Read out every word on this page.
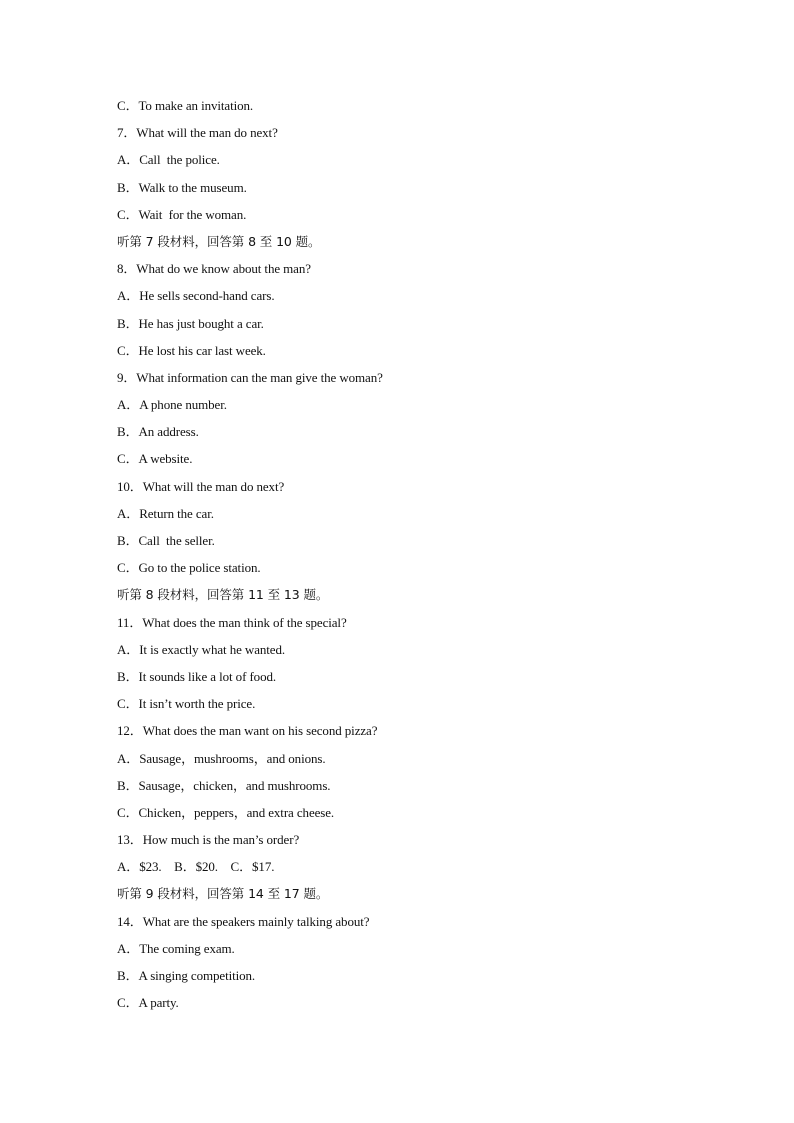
C．To make an invitation.
7．What will the man do next?
A．Call  the police.
B．Walk to the museum.
C．Wait  for the woman.
听第 7 段材料，回答第 8 至 10 题。
8．What do we know about the man?
A．He sells second-hand cars.
B．He has just bought a car.
C．He lost his car last week.
9．What information can the man give the woman?
A．A phone number.
B．An address.
C．A website.
10．What will the man do next?
A．Return the car.
B．Call  the seller.
C．Go to the police station.
听第 8 段材料，回答第 11 至 13 题。
11．What does the man think of the special?
A．It is exactly what he wanted.
B．It sounds like a lot of food.
C．It isn’t worth the price.
12．What does the man want on his second pizza?
A．Sausage，mushrooms，and onions.
B．Sausage，chicken，and mushrooms.
C．Chicken，peppers，and extra cheese.
13．How much is the man’s order?
A．$23.    B．$20.    C．$17.
听第 9 段材料，回答第 14 至 17 题。
14．What are the speakers mainly talking about?
A．The coming exam.
B．A singing competition.
C．A party.
